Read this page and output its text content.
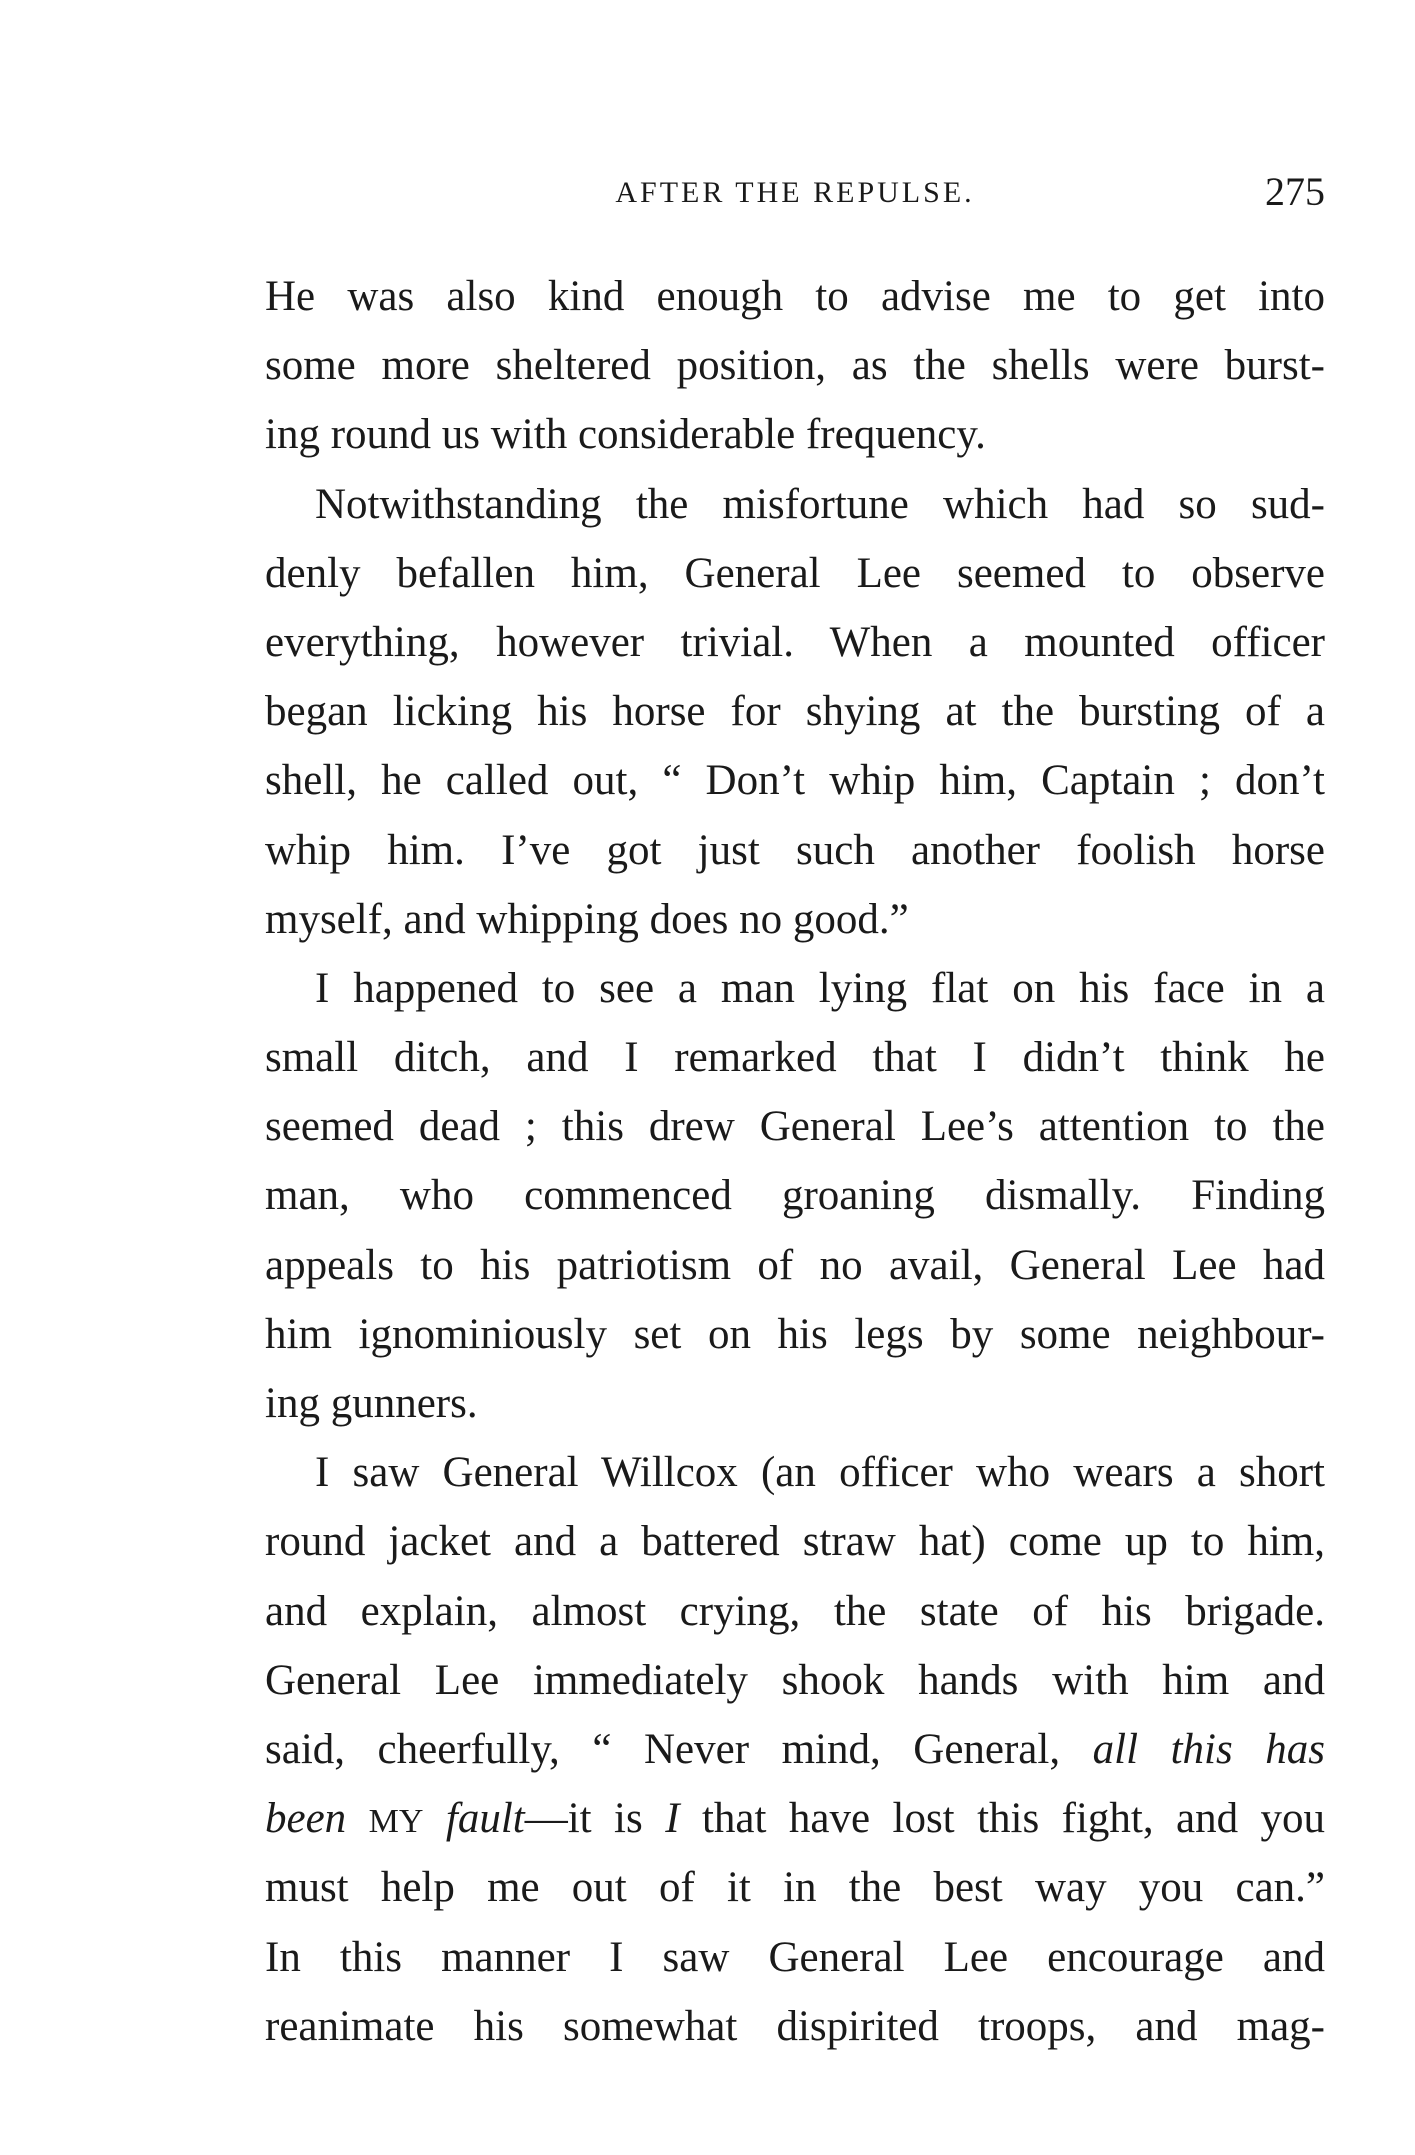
AFTER THE REPULSE.	275

He was also kind enough to advise me to get into
some more sheltered position, as the shells were burst-
ing round us with considerable frequency.

Notwithstanding the misfortune which had so sud-
denly befallen him, General Lee seemed to observe
everything, however trivial. When a mounted officer
began licking his horse for shying at the bursting of a
shell, he called out, “ Don’t whip him, Captain ; don’t
whip him. I’ve got just such another foolish horse
myself, and whipping does no good.”

I happened to see a man lying flat on his face in a
small ditch, and I remarked that I didn’t think he
seemed dead ; this drew General Lee’s attention to the
man, who commenced groaning dismally. Finding
appeals to his patriotism of no avail, General Lee had
him ignominiously set on his legs by some neighbour-
ing gunners.

I saw General Willcox (an officer who wears a short
round jacket and a battered straw hat) come up to him,
and explain, almost crying, the state of his brigade.
General Lee immediately shook hands with him and
said, cheerfully, “ Never mind, General, all this has
been MY fault—it is I that have lost this fight, and you
must help me out of it in the best way you can.”
In this manner I saw General Lee encourage and
reanimate his somewhat dispirited troops, and mag-
